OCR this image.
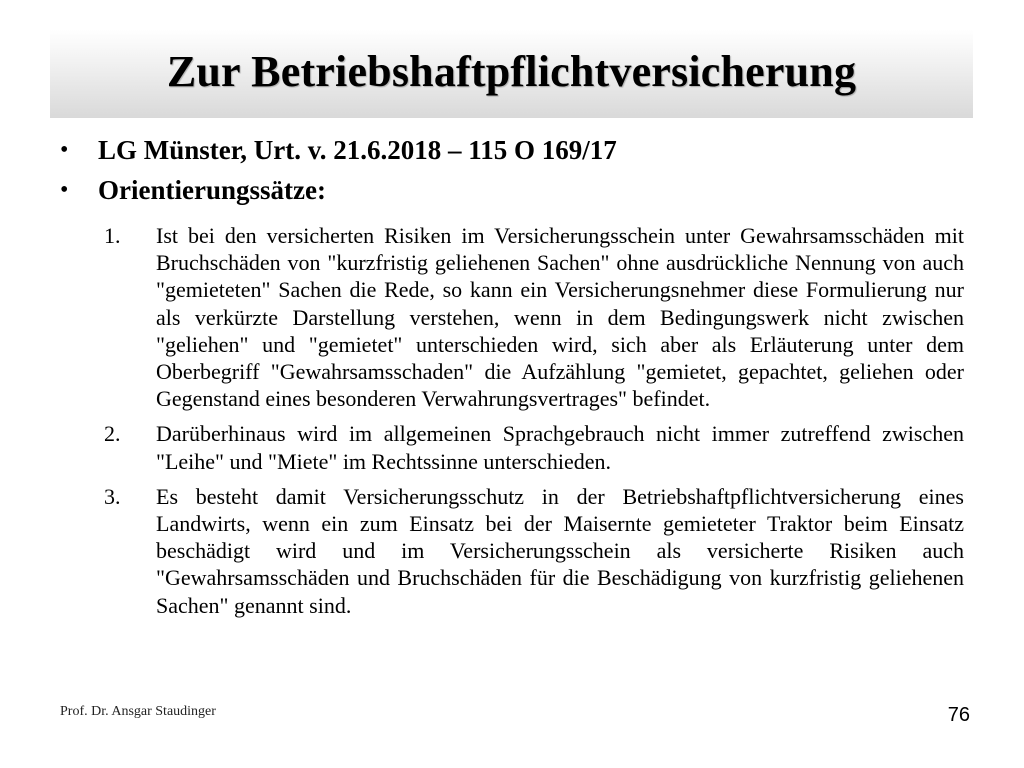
Zur Betriebshaftpflichtversicherung
• LG Münster, Urt. v. 21.6.2018 – 115 O 169/17
• Orientierungssätze:
1. Ist bei den versicherten Risiken im Versicherungsschein unter Gewahrsamsschäden mit Bruchschäden von "kurzfristig geliehenen Sachen" ohne ausdrückliche Nennung von auch "gemieteten" Sachen die Rede, so kann ein Versicherungsnehmer diese Formulierung nur als verkürzte Darstellung verstehen, wenn in dem Bedingungswerk nicht zwischen "geliehen" und "gemietet" unterschieden wird, sich aber als Erläuterung unter dem Oberbegriff "Gewahrsamsschaden" die Aufzählung "gemietet, gepachtet, geliehen oder Gegenstand eines besonderen Verwahrungsvertrages" befindet.
2. Darüberhinaus wird im allgemeinen Sprachgebrauch nicht immer zutreffend zwischen "Leihe" und "Miete" im Rechtssinne unterschieden.
3. Es besteht damit Versicherungsschutz in der Betriebshaftpflichtversicherung eines Landwirts, wenn ein zum Einsatz bei der Maisernte gemieteter Traktor beim Einsatz beschädigt wird und im Versicherungsschein als versicherte Risiken auch "Gewahrsamsschäden und Bruchschäden für die Beschädigung von kurzfristig geliehenen Sachen" genannt sind.
Prof. Dr. Ansgar Staudinger	76
